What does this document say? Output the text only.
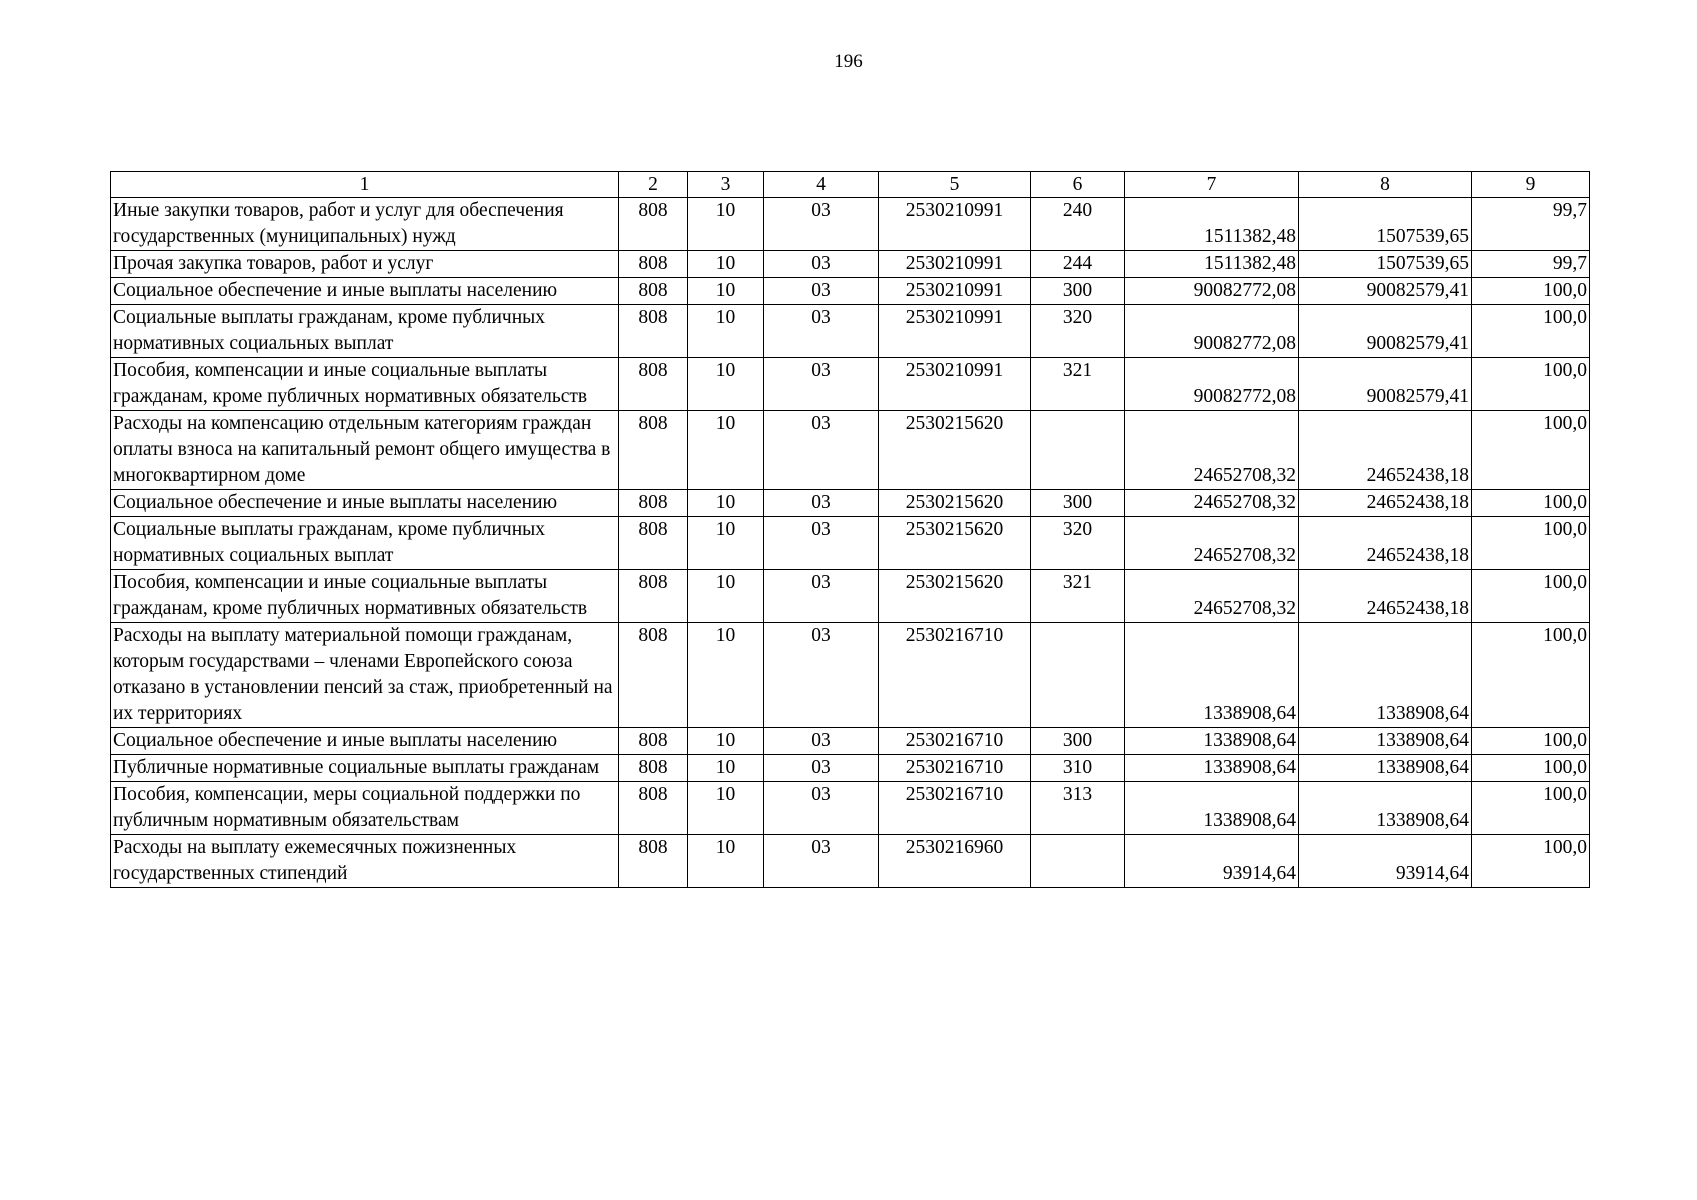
196
1	2	3	4	5	6	7	8	9
Иные закупки товаров, работ и услуг для обеспечения государственных (муниципальных) нужд	808	10	03	2530210991	240	1511382,48	1507539,65	99,7
Прочая закупка товаров, работ и услуг	808	10	03	2530210991	244	1511382,48	1507539,65	99,7
Социальное обеспечение и иные выплаты населению	808	10	03	2530210991	300	90082772,08	90082579,41	100,0
Социальные выплаты гражданам, кроме публичных нормативных социальных выплат	808	10	03	2530210991	320	90082772,08	90082579,41	100,0
Пособия, компенсации и иные социальные выплаты гражданам, кроме публичных нормативных обязательств	808	10	03	2530210991	321	90082772,08	90082579,41	100,0
Расходы на компенсацию отдельным категориям граждан оплаты взноса на капитальный ремонт общего имущества в многоквартирном доме	808	10	03	2530215620		24652708,32	24652438,18	100,0
Социальное обеспечение и иные выплаты населению	808	10	03	2530215620	300	24652708,32	24652438,18	100,0
Социальные выплаты гражданам, кроме публичных нормативных социальных выплат	808	10	03	2530215620	320	24652708,32	24652438,18	100,0
Пособия, компенсации и иные социальные выплаты гражданам, кроме публичных нормативных обязательств	808	10	03	2530215620	321	24652708,32	24652438,18	100,0
Расходы на выплату материальной помощи гражданам, которым государствами – членами Европейского союза отказано в установлении пенсий за стаж, приобретенный на их территориях	808	10	03	2530216710		1338908,64	1338908,64	100,0
Социальное обеспечение и иные выплаты населению	808	10	03	2530216710	300	1338908,64	1338908,64	100,0
Публичные нормативные социальные выплаты гражданам	808	10	03	2530216710	310	1338908,64	1338908,64	100,0
Пособия, компенсации, меры социальной поддержки по публичным нормативным обязательствам	808	10	03	2530216710	313	1338908,64	1338908,64	100,0
Расходы на выплату ежемесячных пожизненных государственных стипендий	808	10	03	2530216960		93914,64	93914,64	100,0
